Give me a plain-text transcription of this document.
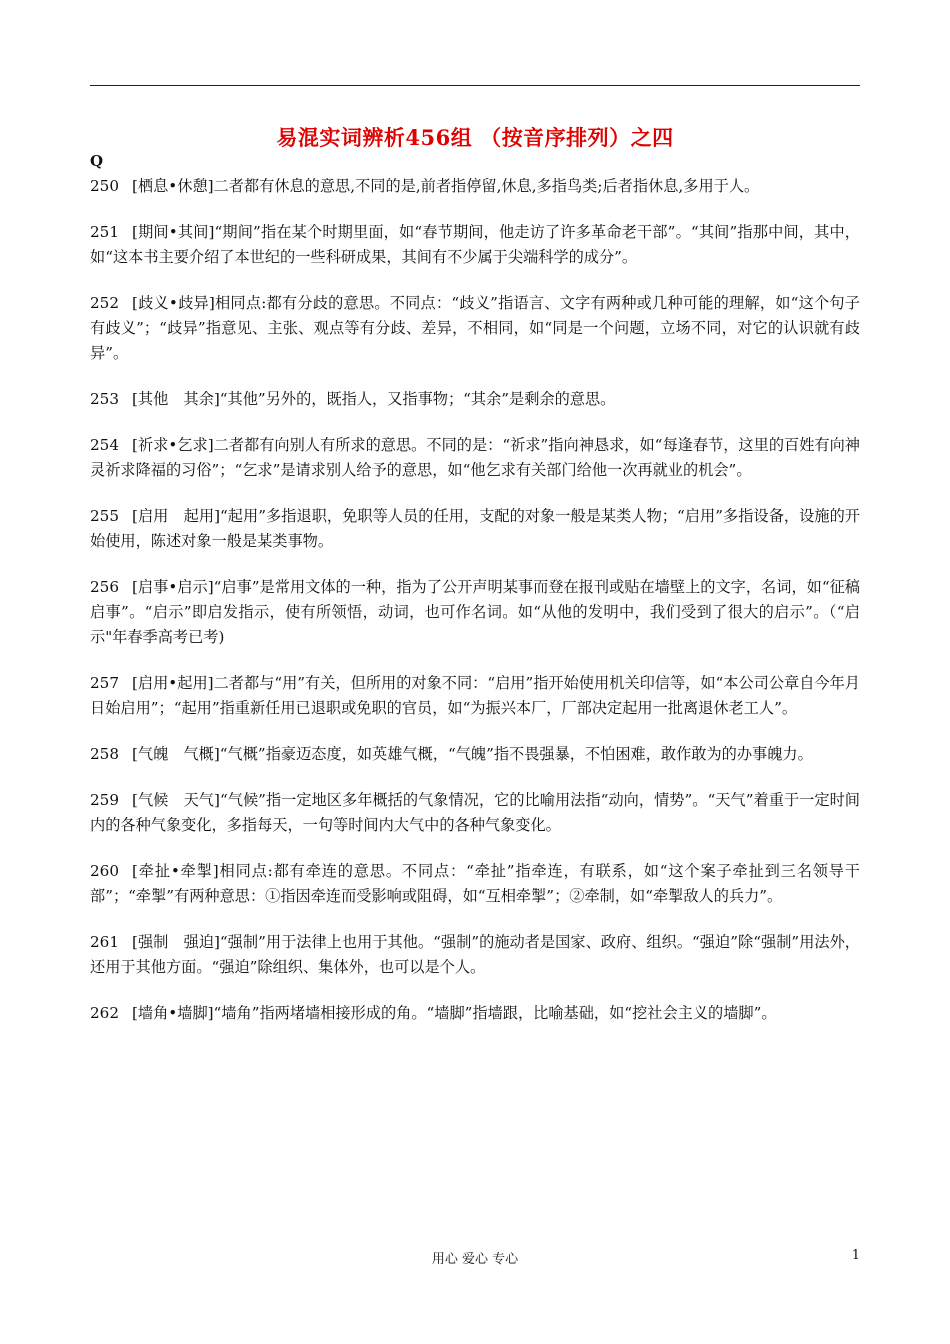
易混实词辨析456组 （按音序排列）之四
Q

250 [栖息•休憩]二者都有休息的意思,不同的是,前者指停留,休息,多指鸟类;后者指休息,多用于人。

251 [期间•其间]“期间”指在某个时期里面，如“春节期间，他走访了许多革命老干部”。“其间”指那中间，其中，如“这本书主要介绍了本世纪的一些科研成果，其间有不少属于尖端科学的成分”。

252 [歧义•歧异]相同点:都有分歧的意思。不同点：“歧义”指语言、文字有两种或几种可能的理解，如“这个句子有歧义”；“歧异”指意见、主张、观点等有分歧、差异，不相同，如“同是一个问题，立场不同，对它的认识就有歧异”。

253 [其他　其余]“其他”另外的，既指人，又指事物；“其余”是剩余的意思。

254 [祈求•乞求]二者都有向别人有所求的意思。不同的是：“祈求”指向神恳求，如“每逢春节，这里的百姓有向神灵祈求降福的习俗”；“乞求”是请求别人给予的意思，如“他乞求有关部门给他一次再就业的机会”。

255 [启用　起用]“起用”多指退职，免职等人员的任用，支配的对象一般是某类人物；“启用”多指设备，设施的开始使用，陈述对象一般是某类事物。

256 [启事•启示]“启事”是常用文体的一种，指为了公开声明某事而登在报刊或贴在墙壁上的文字，名词，如“征稿启事”。“启示”即启发指示，使有所领悟，动词，也可作名词。如“从他的发明中，我们受到了很大的启示”。（“启示"年春季高考已考)

257 [启用•起用]二者都与“用”有关，但所用的对象不同：“启用”指开始使用机关印信等，如“本公司公章自今年月日始启用”；“起用”指重新任用已退职或免职的官员，如“为振兴本厂，厂部决定起用一批离退休老工人”。

258 [气魄　气概]“气概”指豪迈态度，如英雄气概，“气魄”指不畏强暴，不怕困难，敢作敢为的办事魄力。

259 [气候　天气]“气候”指一定地区多年概括的气象情况，它的比喻用法指“动向，情势”。“天气”着重于一定时间内的各种气象变化，多指每天，一句等时间内大气中的各种气象变化。

260 [牵扯•牵掣]相同点:都有牵连的意思。不同点：“牵扯”指牵连，有联系，如“这个案子牵扯到三名领导干部”；“牵掣”有两种意思：①指因牵连而受影响或阻碍，如“互相牵掣”；②牵制，如“牵掣敌人的兵力”。

261 [强制　强迫]“强制”用于法律上也用于其他。“强制”的施动者是国家、政府、组织。“强迫”除“强制”用法外，还用于其他方面。“强迫”除组织、集体外，也可以是个人。

262 [墙角•墙脚]“墙角”指两堵墙相接形成的角。“墙脚”指墙跟，比喻基础，如“挖社会主义的墙脚”。

用心 爱心 专心	1
